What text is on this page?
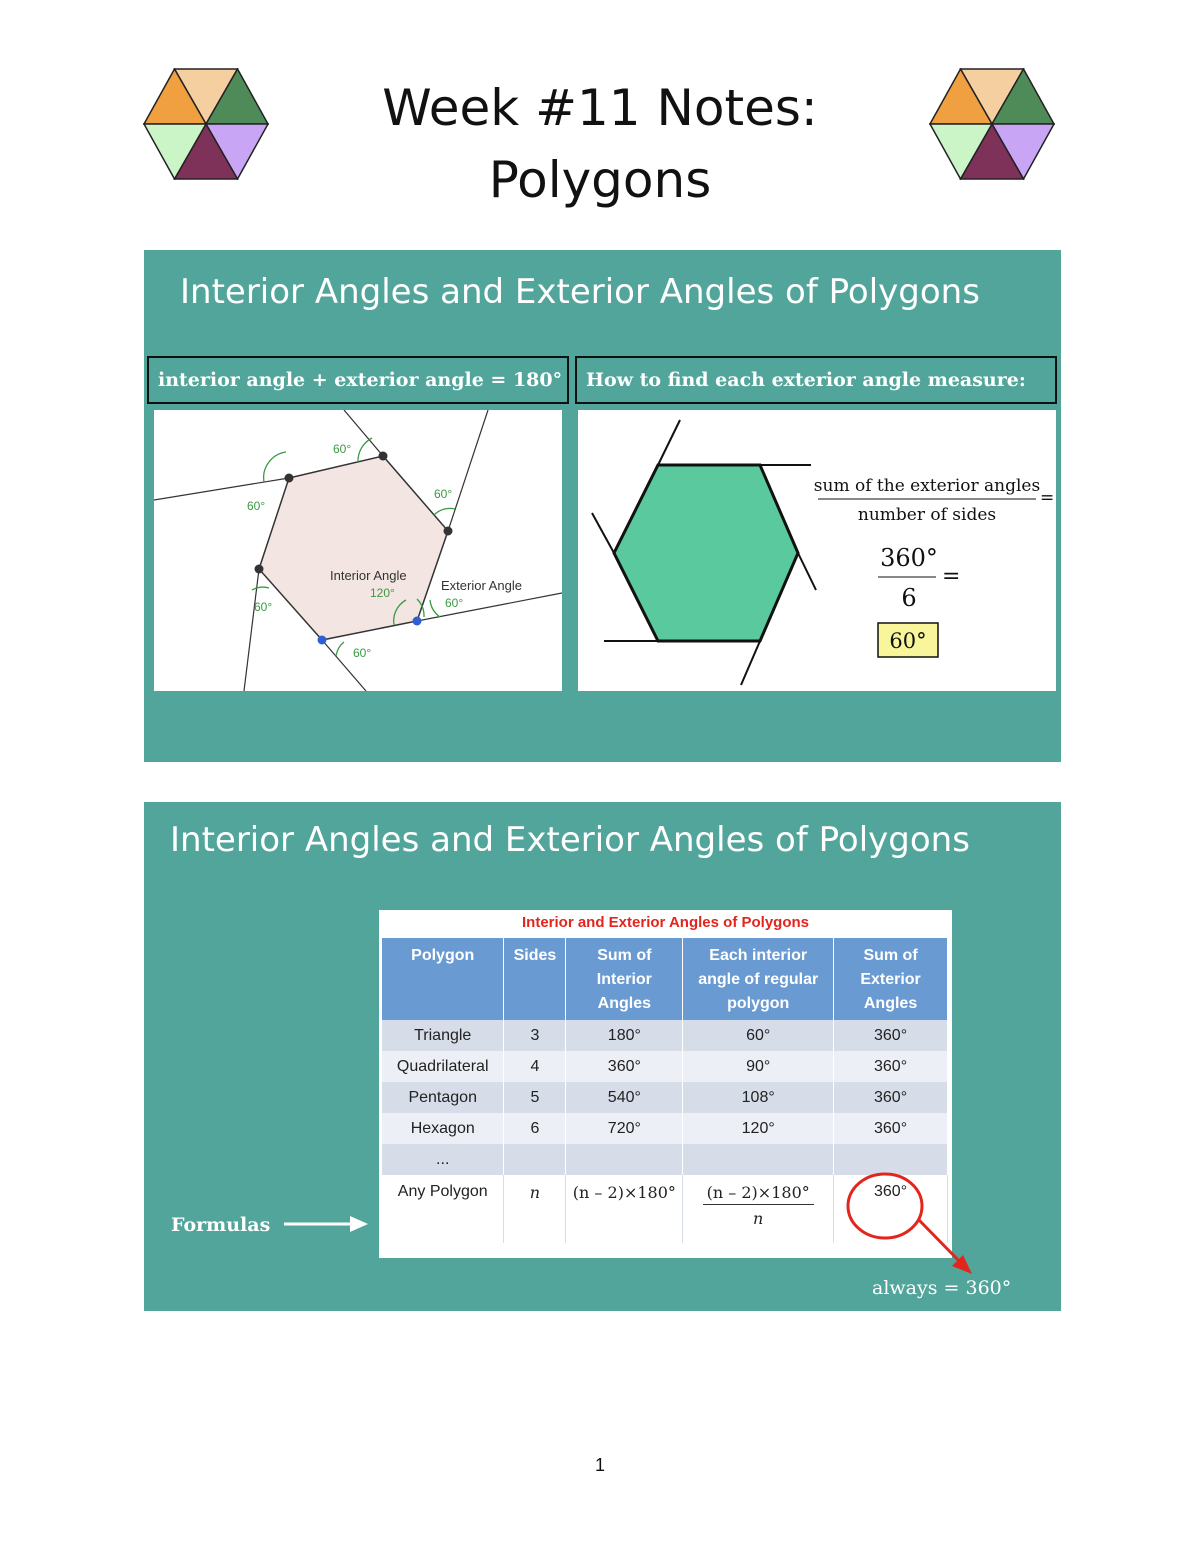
Week #11 Notes:
Polygons
Interior Angles and Exterior Angles of Polygons
interior angle + exterior angle = 180°	How to find each exterior angle measure:
60°
60°
60°
60°
60°
60°
120°
Interior Angle
Exterior Angle
sum of the exterior angles
number of sides
=
360°
6
=
60°
Interior Angles and Exterior Angles of Polygons
Interior and Exterior Angles of Polygons
Polygon	Sides	Sum of Interior Angles	Each interior angle of regular polygon	Sum of Exterior Angles
Triangle	3	180°	60°	360°
Quadrilateral	4	360°	90°	360°
Pentagon	5	540°	108°	360°
Hexagon	6	720°	120°	360°
...				
Any Polygon	n	(n – 2)×180°	$\frac{(n - 2)\times 180^\circ}{n}$	360°
Formulas
always = 360°
1
